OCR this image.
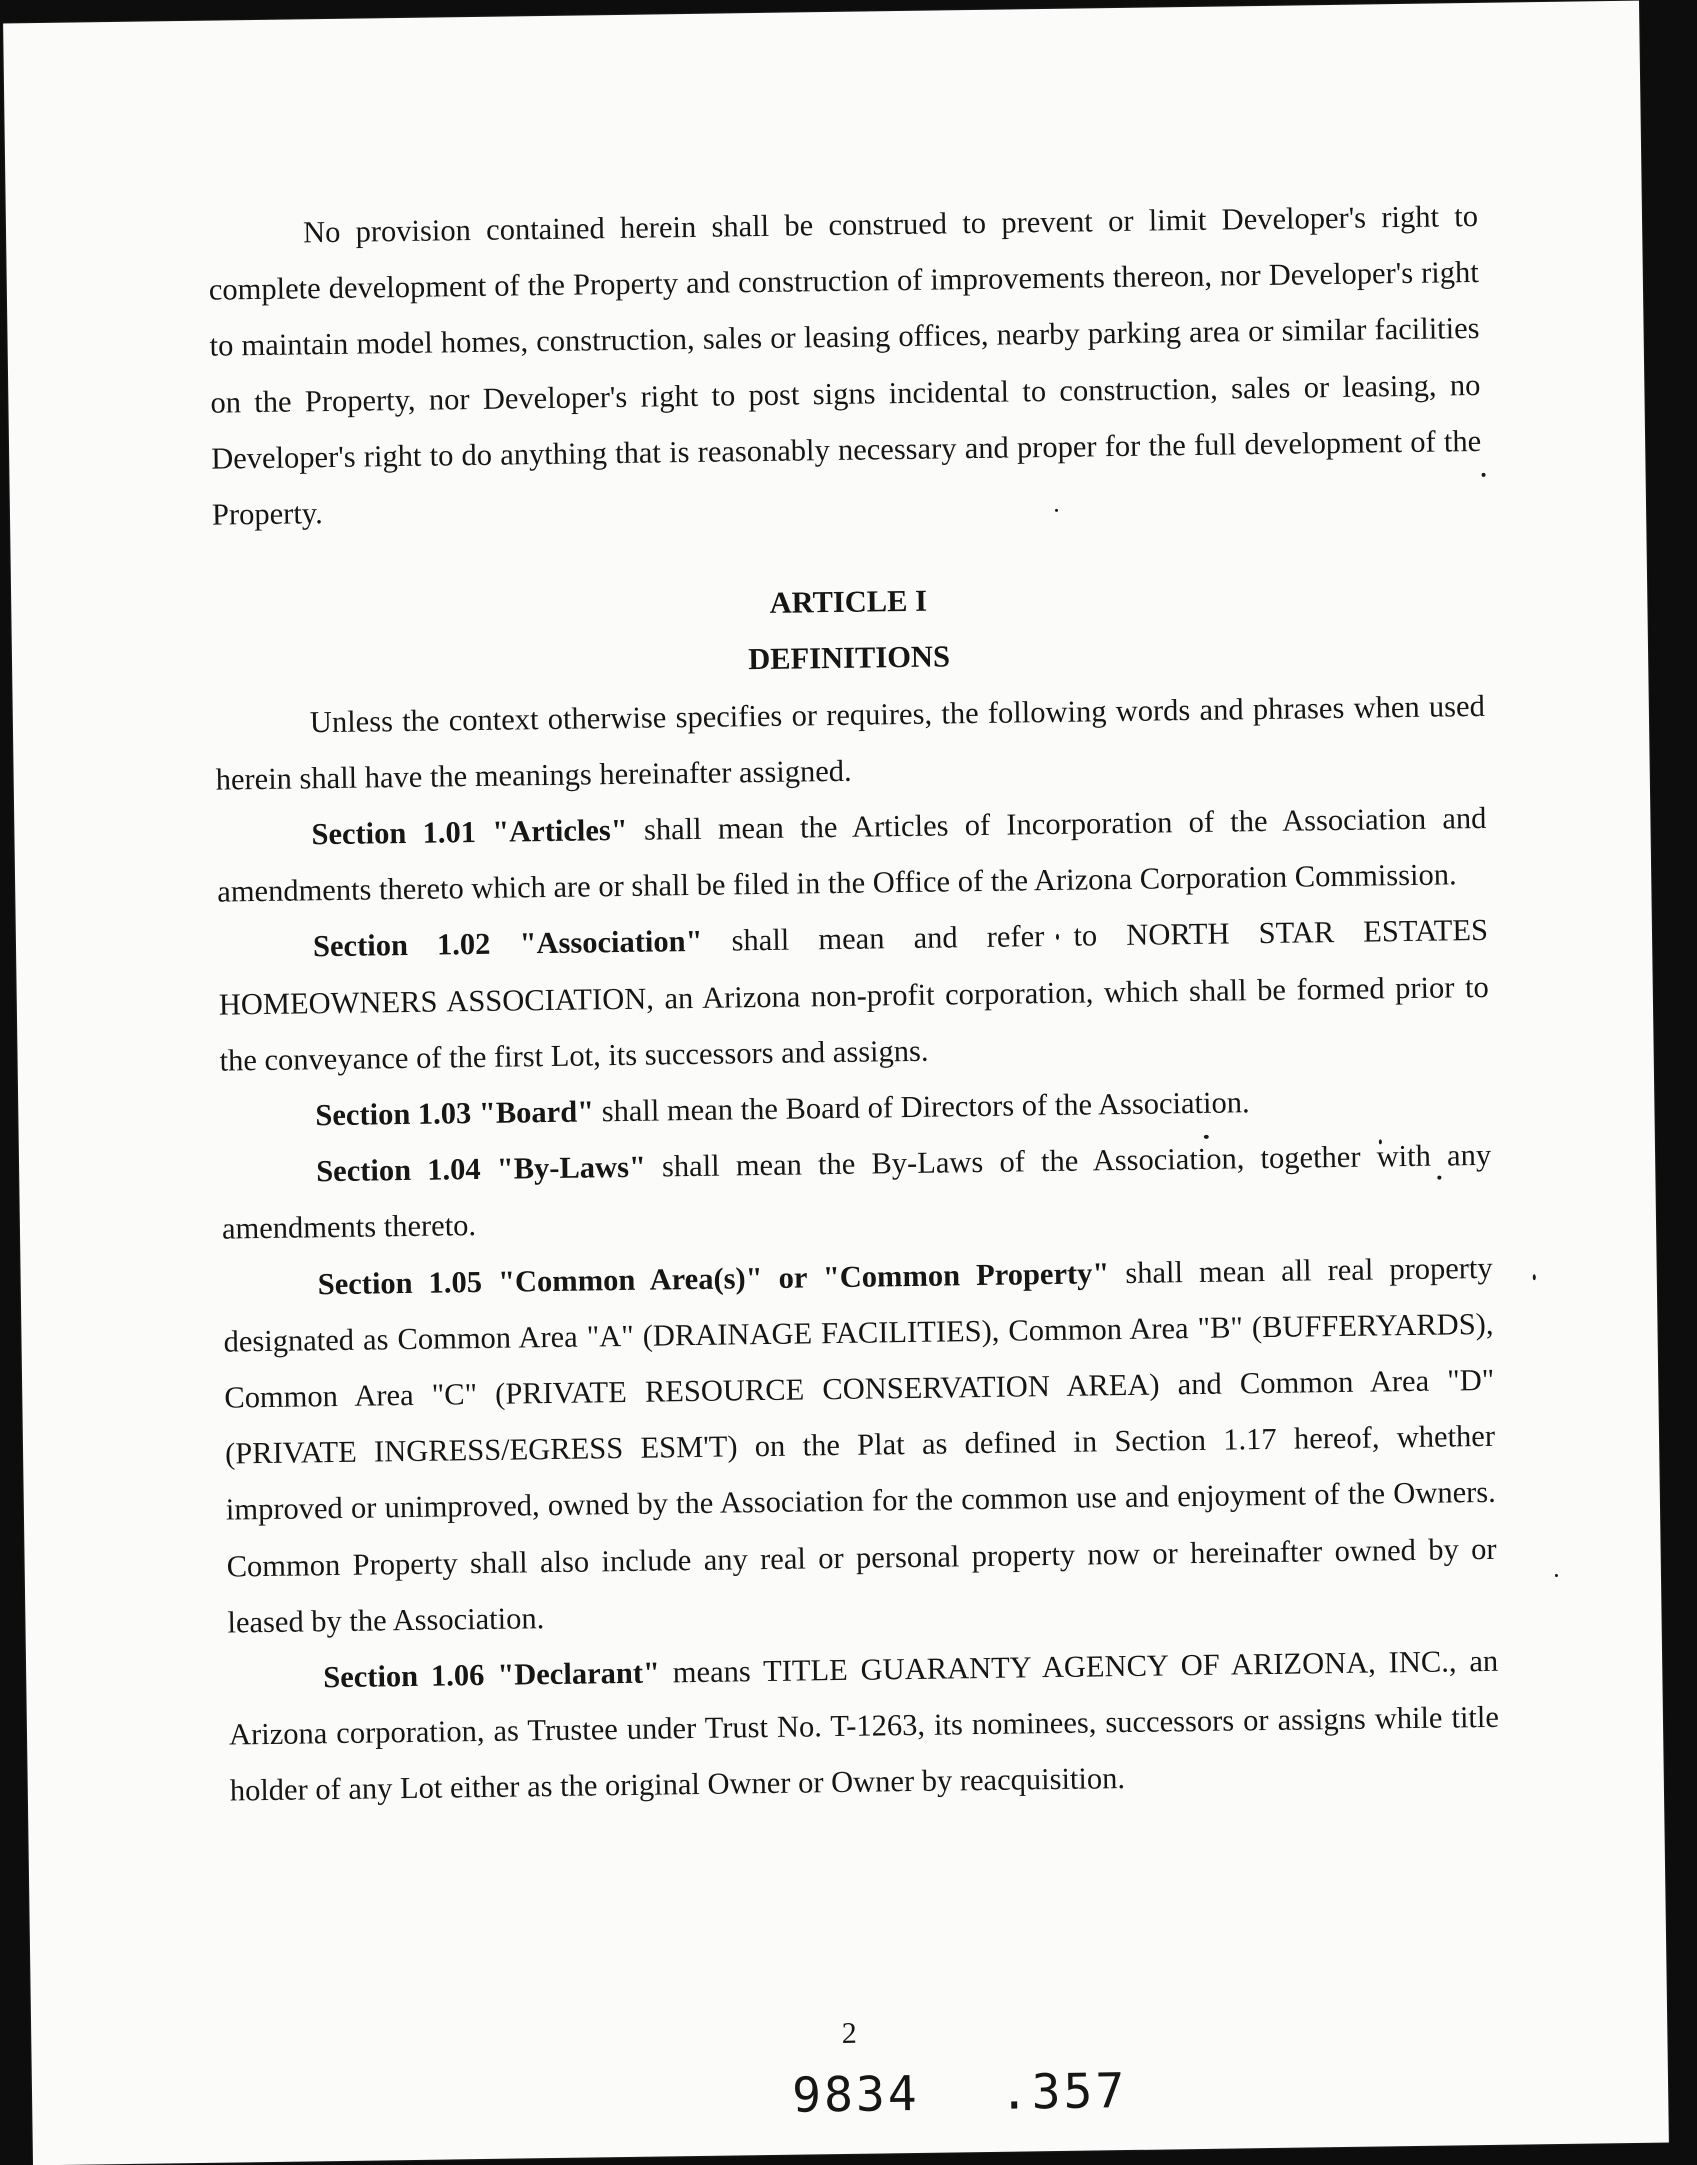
No provision contained herein shall be construed to prevent or limit Developer's right to complete development of the Property and construction of improvements thereon, nor Developer's right to maintain model homes, construction, sales or leasing offices, nearby parking area or similar facilities on the Property, nor Developer's right to post signs incidental to construction, sales or leasing, no Developer's right to do anything that is reasonably necessary and proper for the full development of the Property.

ARTICLE I

DEFINITIONS

Unless the context otherwise specifies or requires, the following words and phrases when used herein shall have the meanings hereinafter assigned.

Section 1.01 "Articles" shall mean the Articles of Incorporation of the Association and amendments thereto which are or shall be filed in the Office of the Arizona Corporation Commission.

Section 1.02 "Association" shall mean and refer to NORTH STAR ESTATES HOMEOWNERS ASSOCIATION, an Arizona non-profit corporation, which shall be formed prior to the conveyance of the first Lot, its successors and assigns.

Section 1.03 "Board" shall mean the Board of Directors of the Association.

Section 1.04 "By-Laws" shall mean the By-Laws of the Association, together with any amendments thereto.

Section 1.05 "Common Area(s)" or "Common Property" shall mean all real property designated as Common Area "A" (DRAINAGE FACILITIES), Common Area "B" (BUFFERYARDS), Common Area "C" (PRIVATE RESOURCE CONSERVATION AREA) and Common Area "D" (PRIVATE INGRESS/EGRESS ESM'T) on the Plat as defined in Section 1.17 hereof, whether improved or unimproved, owned by the Association for the common use and enjoyment of the Owners. Common Property shall also include any real or personal property now or hereinafter owned by or leased by the Association.

Section 1.06 "Declarant" means TITLE GUARANTY AGENCY OF ARIZONA, INC., an Arizona corporation, as Trustee under Trust No. T-1263, its nominees, successors or assigns while title holder of any Lot either as the original Owner or Owner by reacquisition.

2
9834 .357
